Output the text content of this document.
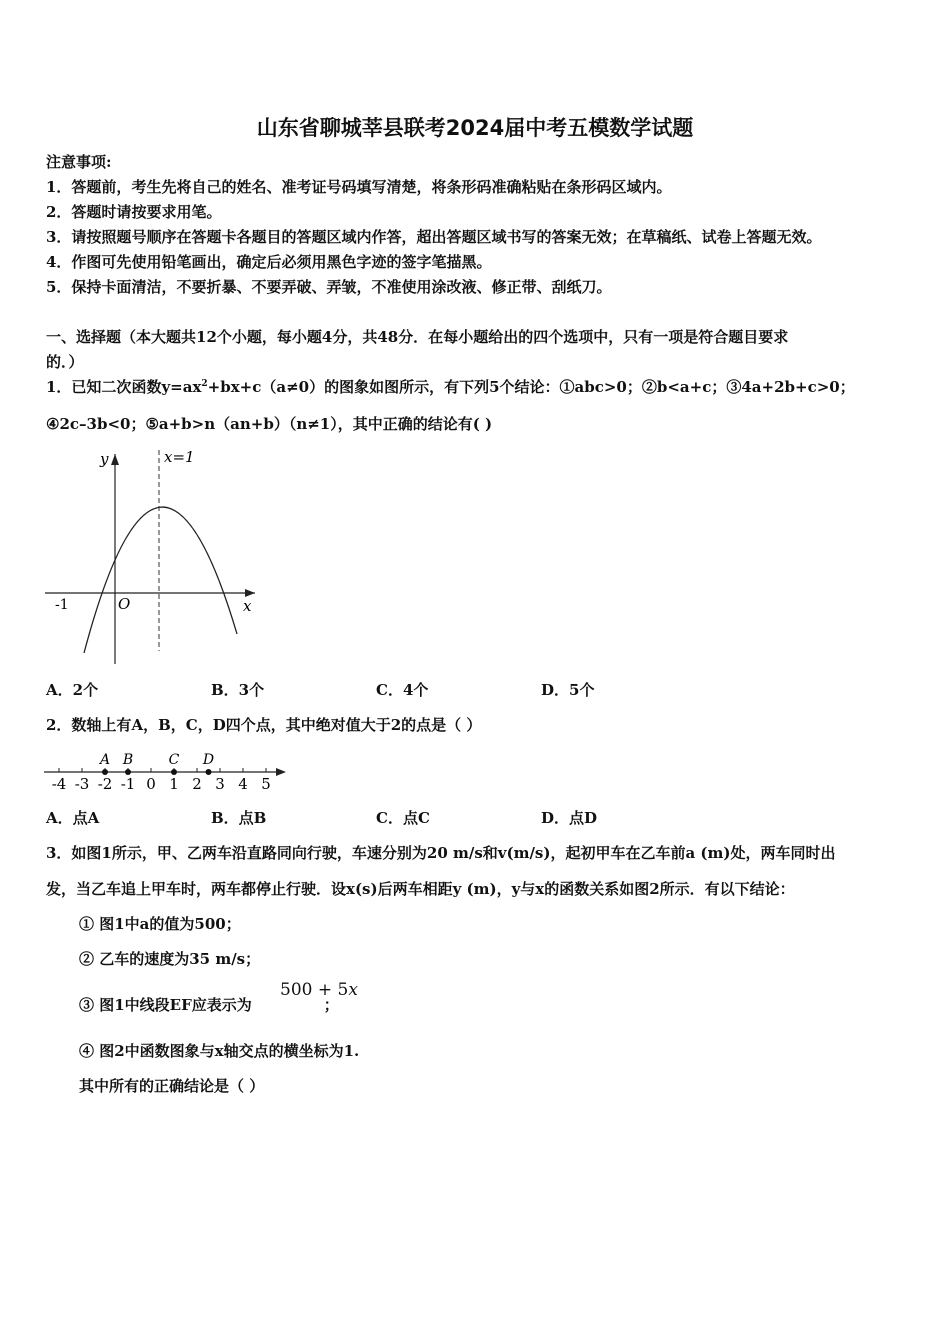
山东省聊城莘县联考2024届中考五模数学试题
注意事项:
1．答题前，考生先将自己的姓名、准考证号码填写清楚，将条形码准确粘贴在条形码区域内。
2．答题时请按要求用笔。
3．请按照题号顺序在答题卡各题目的答题区域内作答，超出答题区域书写的答案无效；在草稿纸、试卷上答题无效。
4．作图可先使用铅笔画出，确定后必须用黑色字迹的签字笔描黑。
5．保持卡面清洁，不要折暴、不要弄破、弄皱，不准使用涂改液、修正带、刮纸刀。
一、选择题（本大题共12个小题，每小题4分，共48分．在每小题给出的四个选项中，只有一项是符合题目要求
的．）
1．已知二次函数$y=ax^2+bx+c(a\ne 0)$的图象如图所示，有下列5个结论：①abc>0；②b<a+c；③4a+2b+c>0；
④2c–3b<0；⑤a+b>n（an+b）（n≠1），其中正确的结论有( )
y
x
O
-1
x=1
A．2个	B．3个	C．4个	D．5个
2．数轴上有A，B，C，D四个点，其中绝对值大于2的点是（ ）
-4 -3 -2 -1 0 1 2 3 4 5
A B	C D
A．点A	B．点B	C．点C	D．点D
3．如图1所示，甲、乙两车沿直路同向行驶，车速分别为20 m/s和v(m/s)，起初甲车在乙车前a (m)处，两车同时出
发，当乙车追上甲车时，两车都停止行驶．设x(s)后两车相距y (m)，y与x的函数关系如图2所示．有以下结论：
① 图1中a的值为500；
② 乙车的速度为35 m/s；
③ 图1中线段EF应表示为	；
500 + 5x
④ 图2中函数图象与x轴交点的横坐标为1.
其中所有的正确结论是（ ）
